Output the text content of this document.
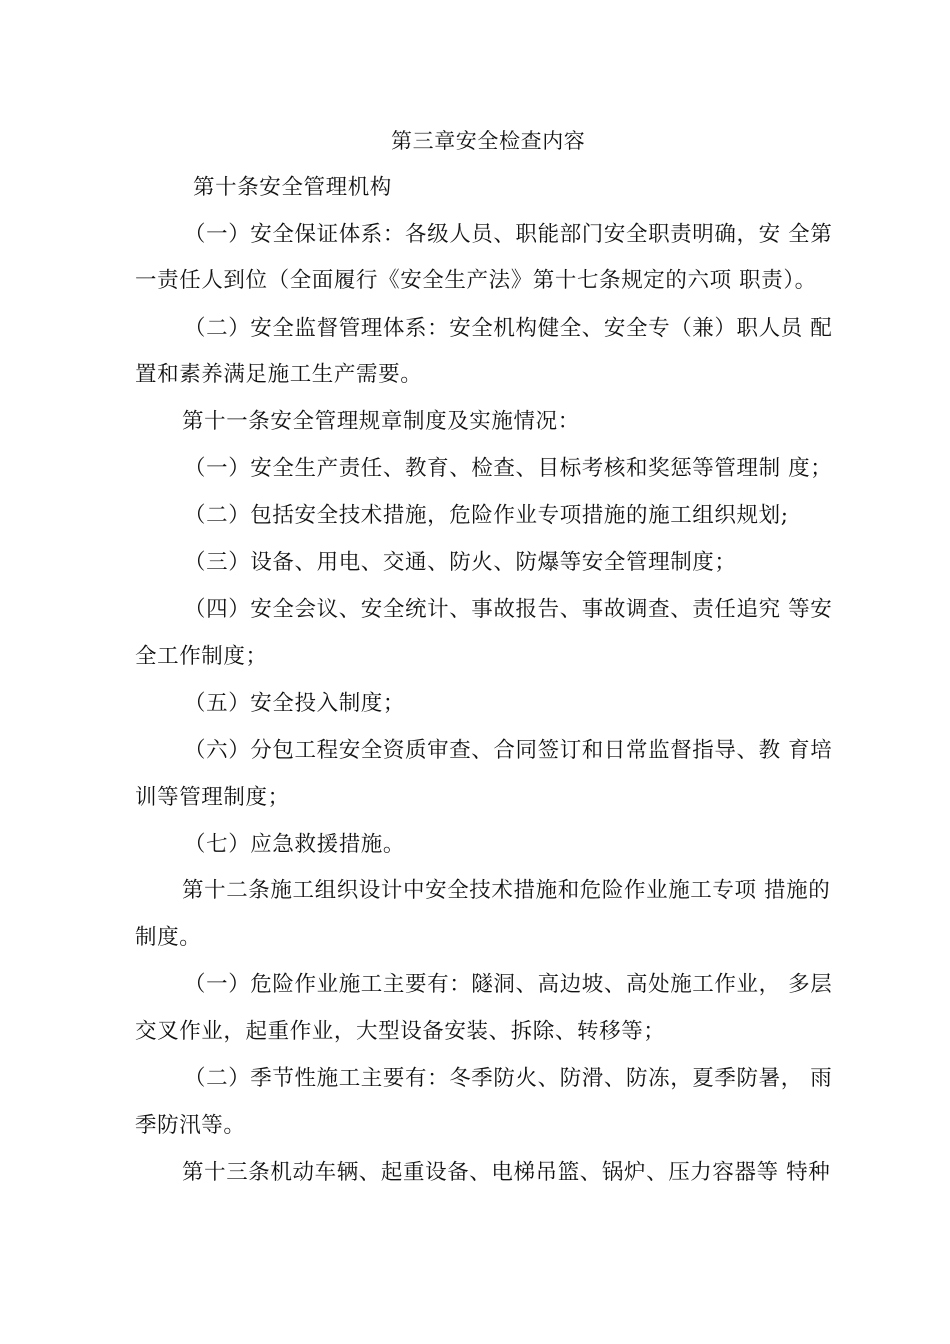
第三章安全检查内容
第十条安全管理机构
（一）安全保证体系：各级人员、职能部门安全职责明确，安 全第
一责任人到位（全面履行《安全生产法》第十七条规定的六项 职责）。
（二）安全监督管理体系：安全机构健全、安全专（兼）职人员 配
置和素养满足施工生产需要。
第十一条安全管理规章制度及实施情况：
（一）安全生产责任、教育、检查、目标考核和奖惩等管理制 度；
（二）包括安全技术措施，危险作业专项措施的施工组织规划;
（三）设备、用电、交通、防火、防爆等安全管理制度；
（四）安全会议、安全统计、事故报告、事故调查、责任追究 等安
全工作制度；
（五）安全投入制度；
（六）分包工程安全资质审查、合同签订和日常监督指导、教 育培
训等管理制度；
（七）应急救援措施。
第十二条施工组织设计中安全技术措施和危险作业施工专项 措施的
制度。
（一）危险作业施工主要有：隧洞、高边坡、高处施工作业， 多层
交叉作业，起重作业，大型设备安装、拆除、转移等；
（二）季节性施工主要有：冬季防火、防滑、防冻，夏季防暑， 雨
季防汛等。
第十三条机动车辆、起重设备、电梯吊篮、锅炉、压力容器等 特种
